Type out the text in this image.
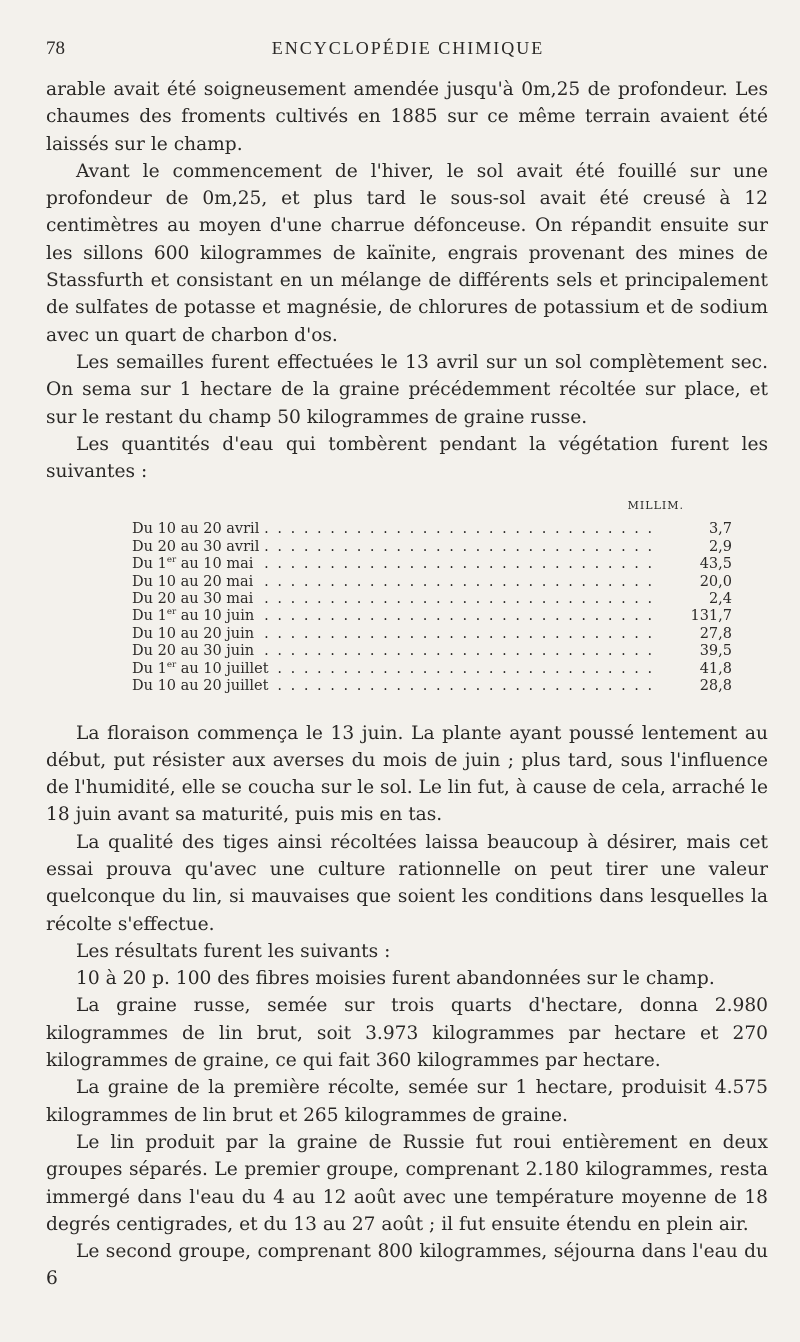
78	ENCYCLOPÉDIE CHIMIQUE

arable avait été soigneusement amendée jusqu'à 0m,25 de profondeur. Les chaumes des froments cultivés en 1885 sur ce même terrain avaient été laissés sur le champ.

Avant le commencement de l'hiver, le sol avait été fouillé sur une profondeur de 0m,25, et plus tard le sous-sol avait été creusé à 12 centimètres au moyen d'une charrue défonceuse. On répandit ensuite sur les sillons 600 kilogrammes de kaïnite, engrais provenant des mines de Stassfurth et consistant en un mélange de différents sels et principalement de sulfates de potasse et magnésie, de chlorures de potassium et de sodium avec un quart de charbon d'os.

Les semailles furent effectuées le 13 avril sur un sol complètement sec. On sema sur 1 hectare de la graine précédemment récoltée sur place, et sur le restant du champ 50 kilogrammes de graine russe.

Les quantités d'eau qui tombèrent pendant la végétation furent les suivantes :

MILLIM.
Du 10 au 20 avril . . .	3,7
Du 20 au 30 avril . . .	2,9
Du 1er au 10 mai . . .	43,5
Du 10 au 20 mai . . .	20,0
Du 20 au 30 mai . . .	2,4
Du 1er au 10 juin . . .	131,7
Du 10 au 20 juin . . .	27,8
Du 20 au 30 juin . . .	39,5
Du 1er au 10 juillet . . .	41,8
Du 10 au 20 juillet . . .	28,8

La floraison commença le 13 juin. La plante ayant poussé lentement au début, put résister aux averses du mois de juin ; plus tard, sous l'influence de l'humidité, elle se coucha sur le sol. Le lin fut, à cause de cela, arraché le 18 juin avant sa maturité, puis mis en tas.

La qualité des tiges ainsi récoltées laissa beaucoup à désirer, mais cet essai prouva qu'avec une culture rationnelle on peut tirer une valeur quelconque du lin, si mauvaises que soient les conditions dans lesquelles la récolte s'effectue.

Les résultats furent les suivants :

10 à 20 p. 100 des fibres moisies furent abandonnées sur le champ.

La graine russe, semée sur trois quarts d'hectare, donna 2.980 kilogrammes de lin brut, soit 3.973 kilogrammes par hectare et 270 kilogrammes de graine, ce qui fait 360 kilogrammes par hectare.

La graine de la première récolte, semée sur 1 hectare, produisit 4.575 kilogrammes de lin brut et 265 kilogrammes de graine.

Le lin produit par la graine de Russie fut roui entièrement en deux groupes séparés. Le premier groupe, comprenant 2.180 kilogrammes, resta immergé dans l'eau du 4 au 12 août avec une température moyenne de 18 degrés centigrades, et du 13 au 27 août ; il fut ensuite étendu en plein air.

Le second groupe, comprenant 800 kilogrammes, séjourna dans l'eau du 6
